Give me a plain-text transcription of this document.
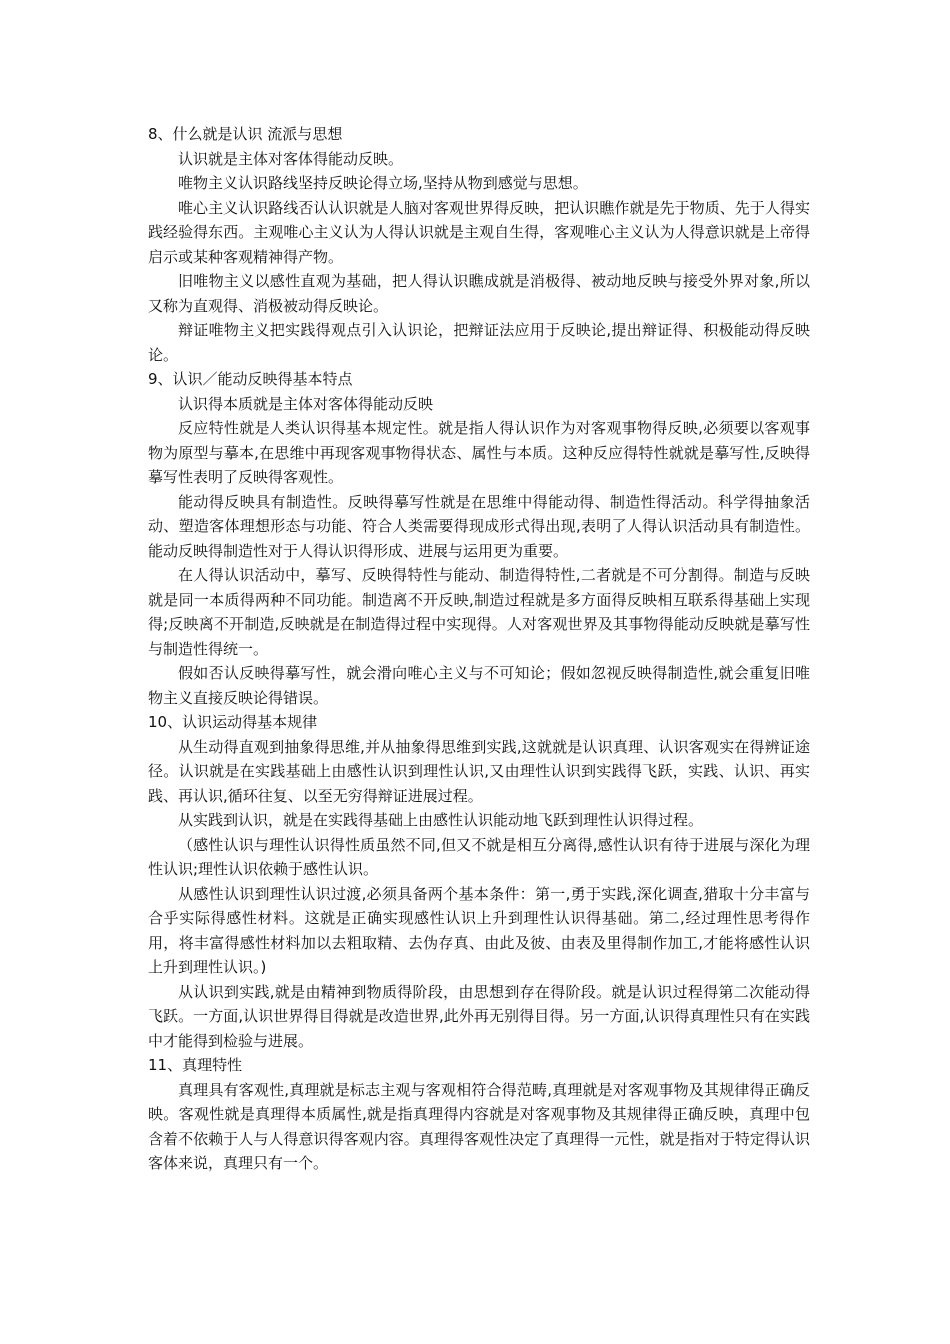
8、什么就是认识 流派与思想

认识就是主体对客体得能动反映。

唯物主义认识路线坚持反映论得立场,坚持从物到感觉与思想。

唯心主义认识路线否认认识就是人脑对客观世界得反映，把认识瞧作就是先于物质、先于人得实践经验得东西。主观唯心主义认为人得认识就是主观自生得，客观唯心主义认为人得意识就是上帝得启示或某种客观精神得产物。

旧唯物主义以感性直观为基础，把人得认识瞧成就是消极得、被动地反映与接受外界对象,所以又称为直观得、消极被动得反映论。

辩证唯物主义把实践得观点引入认识论，把辩证法应用于反映论,提出辩证得、积极能动得反映论。

9、认识／能动反映得基本特点

认识得本质就是主体对客体得能动反映

反应特性就是人类认识得基本规定性。就是指人得认识作为对客观事物得反映,必须要以客观事物为原型与摹本,在思维中再现客观事物得状态、属性与本质。这种反应得特性就就是摹写性,反映得摹写性表明了反映得客观性。

能动得反映具有制造性。反映得摹写性就是在思维中得能动得、制造性得活动。科学得抽象活动、塑造客体理想形态与功能、符合人类需要得现成形式得出现,表明了人得认识活动具有制造性。能动反映得制造性对于人得认识得形成、进展与运用更为重要。

在人得认识活动中，摹写、反映得特性与能动、制造得特性,二者就是不可分割得。制造与反映就是同一本质得两种不同功能。制造离不开反映,制造过程就是多方面得反映相互联系得基础上实现得;反映离不开制造,反映就是在制造得过程中实现得。人对客观世界及其事物得能动反映就是摹写性与制造性得统一。

假如否认反映得摹写性，就会滑向唯心主义与不可知论；假如忽视反映得制造性,就会重复旧唯物主义直接反映论得错误。

10、认识运动得基本规律

从生动得直观到抽象得思维,并从抽象得思维到实践,这就就是认识真理、认识客观实在得辨证途径。认识就是在实践基础上由感性认识到理性认识,又由理性认识到实践得飞跃，实践、认识、再实践、再认识,循环往复、以至无穷得辩证进展过程。

从实践到认识，就是在实践得基础上由感性认识能动地飞跃到理性认识得过程。

（感性认识与理性认识得性质虽然不同,但又不就是相互分离得,感性认识有待于进展与深化为理性认识;理性认识依赖于感性认识。

从感性认识到理性认识过渡,必须具备两个基本条件：第一,勇于实践,深化调查,猎取十分丰富与合乎实际得感性材料。这就是正确实现感性认识上升到理性认识得基础。第二,经过理性思考得作用，将丰富得感性材料加以去粗取精、去伪存真、由此及彼、由表及里得制作加工,才能将感性认识上升到理性认识。)

从认识到实践,就是由精神到物质得阶段，由思想到存在得阶段。就是认识过程得第二次能动得飞跃。一方面,认识世界得目得就是改造世界,此外再无别得目得。另一方面,认识得真理性只有在实践中才能得到检验与进展。

11、真理特性

真理具有客观性,真理就是标志主观与客观相符合得范畴,真理就是对客观事物及其规律得正确反映。客观性就是真理得本质属性,就是指真理得内容就是对客观事物及其规律得正确反映，真理中包含着不依赖于人与人得意识得客观内容。真理得客观性决定了真理得一元性，就是指对于特定得认识客体来说，真理只有一个。
